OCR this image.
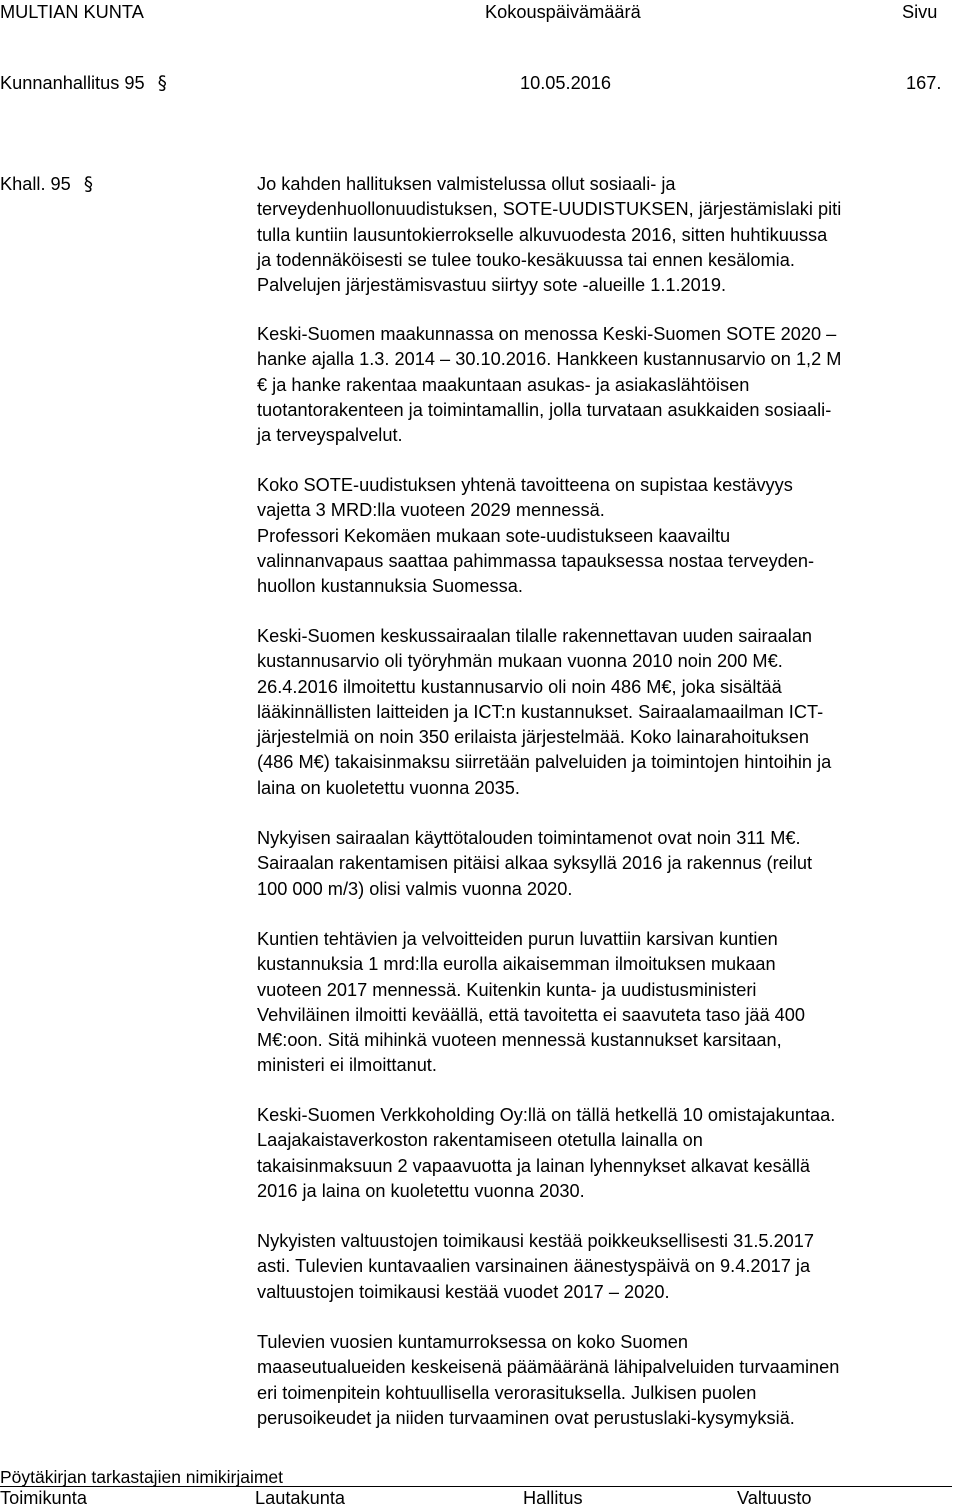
MULTIAN KUNTA	Kokouspäivämäärä	Sivu
Kunnanhallitus 95 §	10.05.2016	167.
Khall. 95 §	Jo kahden hallituksen valmistelussa ollut sosiaali- ja
terveydenhuollonuudistuksen, SOTE-UUDISTUKSEN, järjestämislaki piti
tulla kuntiin lausuntokierrokselle alkuvuodesta 2016, sitten huhtikuussa
ja todennäköisesti se tulee touko-kesäkuussa tai ennen kesälomia.
Palvelujen järjestämisvastuu siirtyy sote -alueille 1.1.2019.
Keski-Suomen maakunnassa on menossa Keski-Suomen SOTE 2020 –
hanke ajalla 1.3. 2014 – 30.10.2016. Hankkeen kustannusarvio on 1,2 M
€ ja hanke rakentaa maakuntaan asukas- ja asiakaslähtöisen
tuotantorakenteen ja toimintamallin, jolla turvataan asukkaiden sosiaali-
ja terveyspalvelut.
Koko SOTE-uudistuksen yhtenä tavoitteena on supistaa kestävyys
vajetta 3 MRD:lla vuoteen 2029 mennessä.
Professori Kekomäen mukaan sote-uudistukseen kaavailtu
valinnanvapaus saattaa pahimmassa tapauksessa nostaa terveyden-
huollon kustannuksia Suomessa.
Keski-Suomen keskussairaalan tilalle rakennettavan uuden sairaalan
kustannusarvio oli työryhmän mukaan vuonna 2010 noin 200 M€.
26.4.2016 ilmoitettu kustannusarvio oli noin 486 M€, joka sisältää
lääkinnällisten laitteiden ja ICT:n kustannukset. Sairaalamaailman ICT-
järjestelmiä on noin 350 erilaista järjestelmää. Koko lainarahoituksen
(486 M€) takaisinmaksu siirretään palveluiden ja toimintojen hintoihin ja
laina on kuoletettu vuonna 2035.
Nykyisen sairaalan käyttötalouden toimintamenot ovat noin 311 M€.
Sairaalan rakentamisen pitäisi alkaa syksyllä 2016 ja rakennus (reilut
100 000 m/3) olisi valmis vuonna 2020.
Kuntien tehtävien ja velvoitteiden purun luvattiin karsivan kuntien
kustannuksia 1 mrd:lla eurolla aikaisemman ilmoituksen mukaan
vuoteen 2017 mennessä. Kuitenkin kunta- ja uudistusministeri
Vehviläinen ilmoitti keväällä, että tavoitetta ei saavuteta taso jää 400
M€:oon. Sitä mihinkä vuoteen mennessä kustannukset karsitaan,
ministeri ei ilmoittanut.
Keski-Suomen Verkkoholding Oy:llä on tällä hetkellä 10 omistajakuntaa.
Laajakaistaverkoston rakentamiseen otetulla lainalla on
takaisinmaksuun 2 vapaavuotta ja lainan lyhennykset alkavat kesällä
2016 ja laina on kuoletettu vuonna 2030.
Nykyisten valtuustojen toimikausi kestää poikkeuksellisesti 31.5.2017
asti. Tulevien kuntavaalien varsinainen äänestyspäivä on 9.4.2017 ja
valtuustojen toimikausi kestää vuodet 2017 – 2020.
Tulevien vuosien kuntamurroksessa on koko Suomen
maaseutualueiden keskeisenä päämääränä lähipalveluiden turvaaminen
eri toimenpitein kohtuullisella verorasituksella. Julkisen puolen
perusoikeudet ja niiden turvaaminen ovat perustuslaki-kysymyksiä.
Pöytäkirjan tarkastajien nimikirjaimet
Toimikunta	Lautakunta	Hallitus	Valtuusto
